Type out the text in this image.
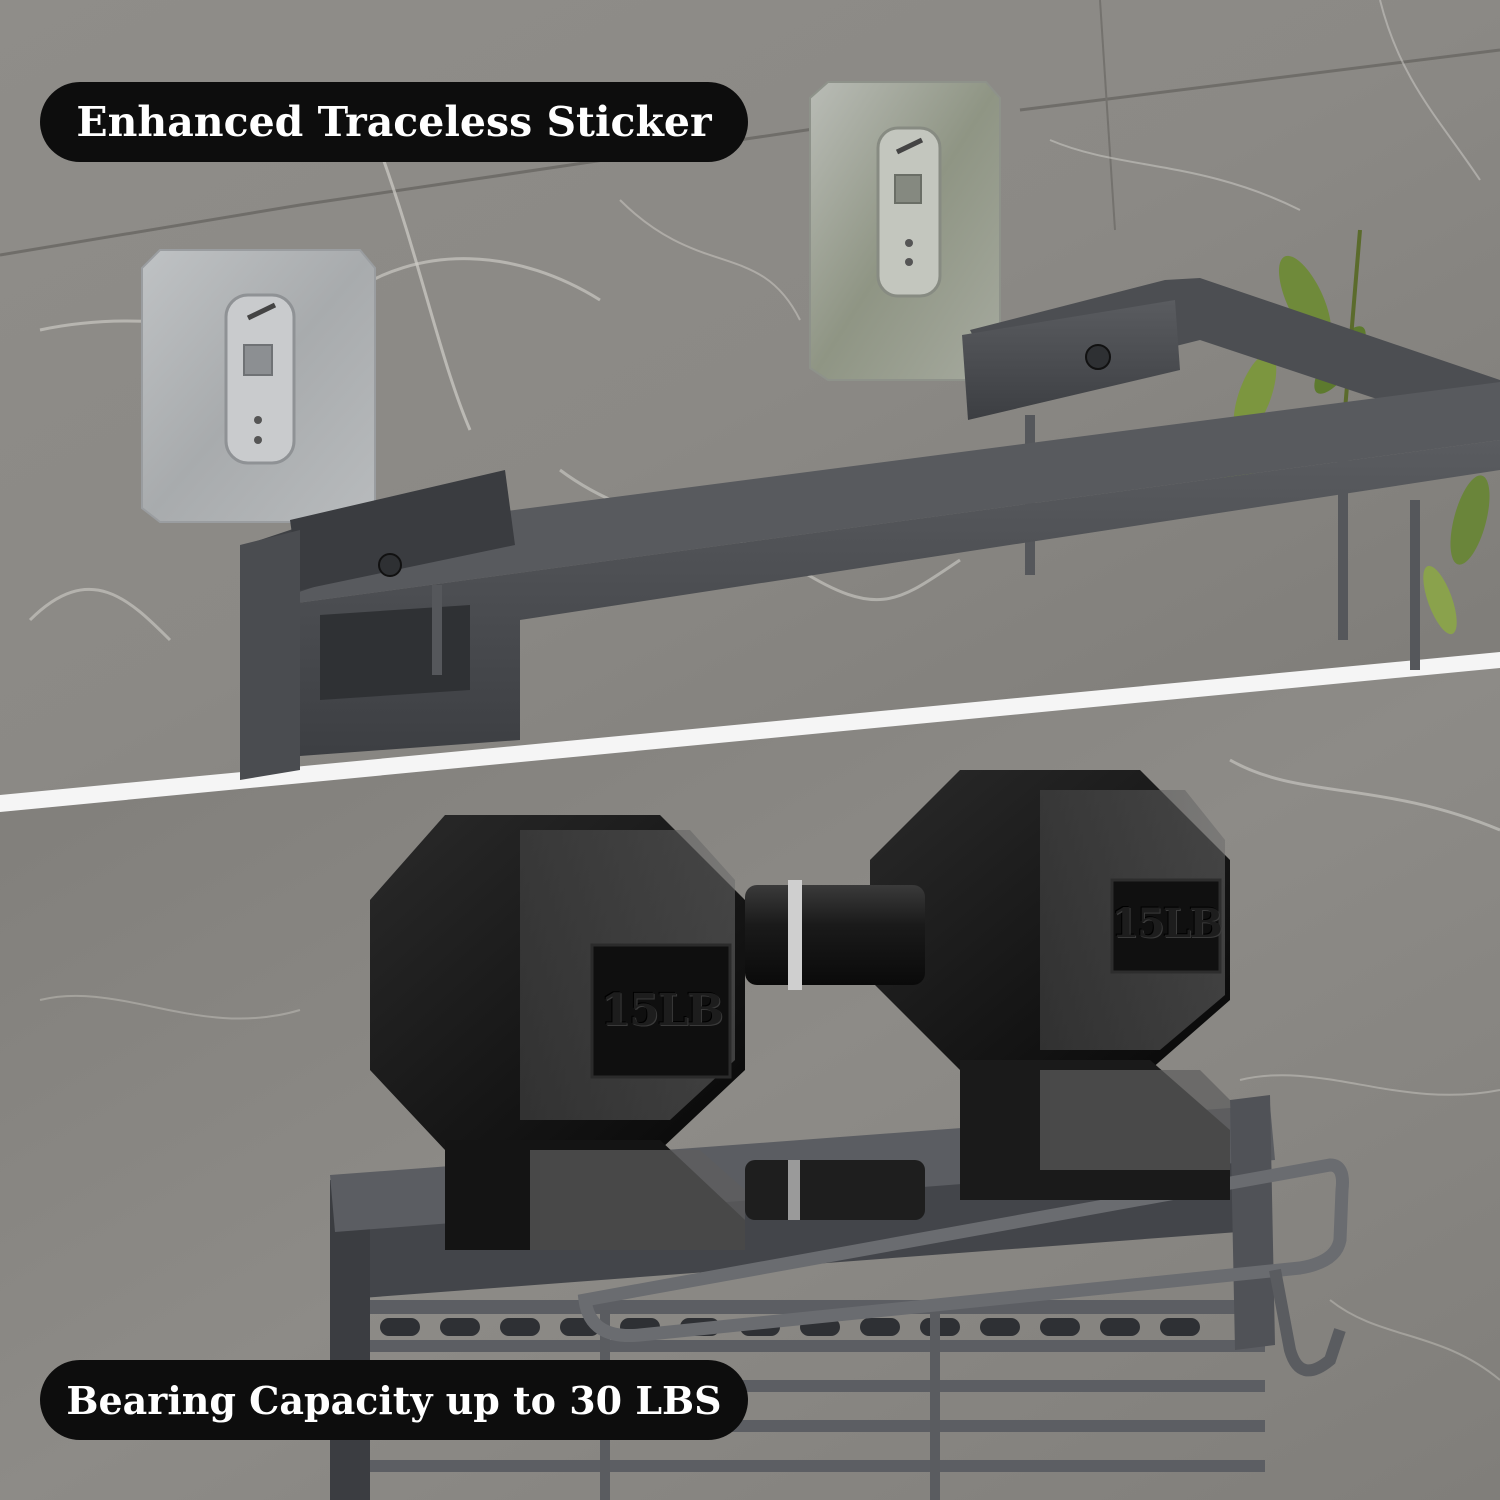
15LB
15LB
Enhanced Traceless Sticker
Bearing Capacity up to 30 LBS
